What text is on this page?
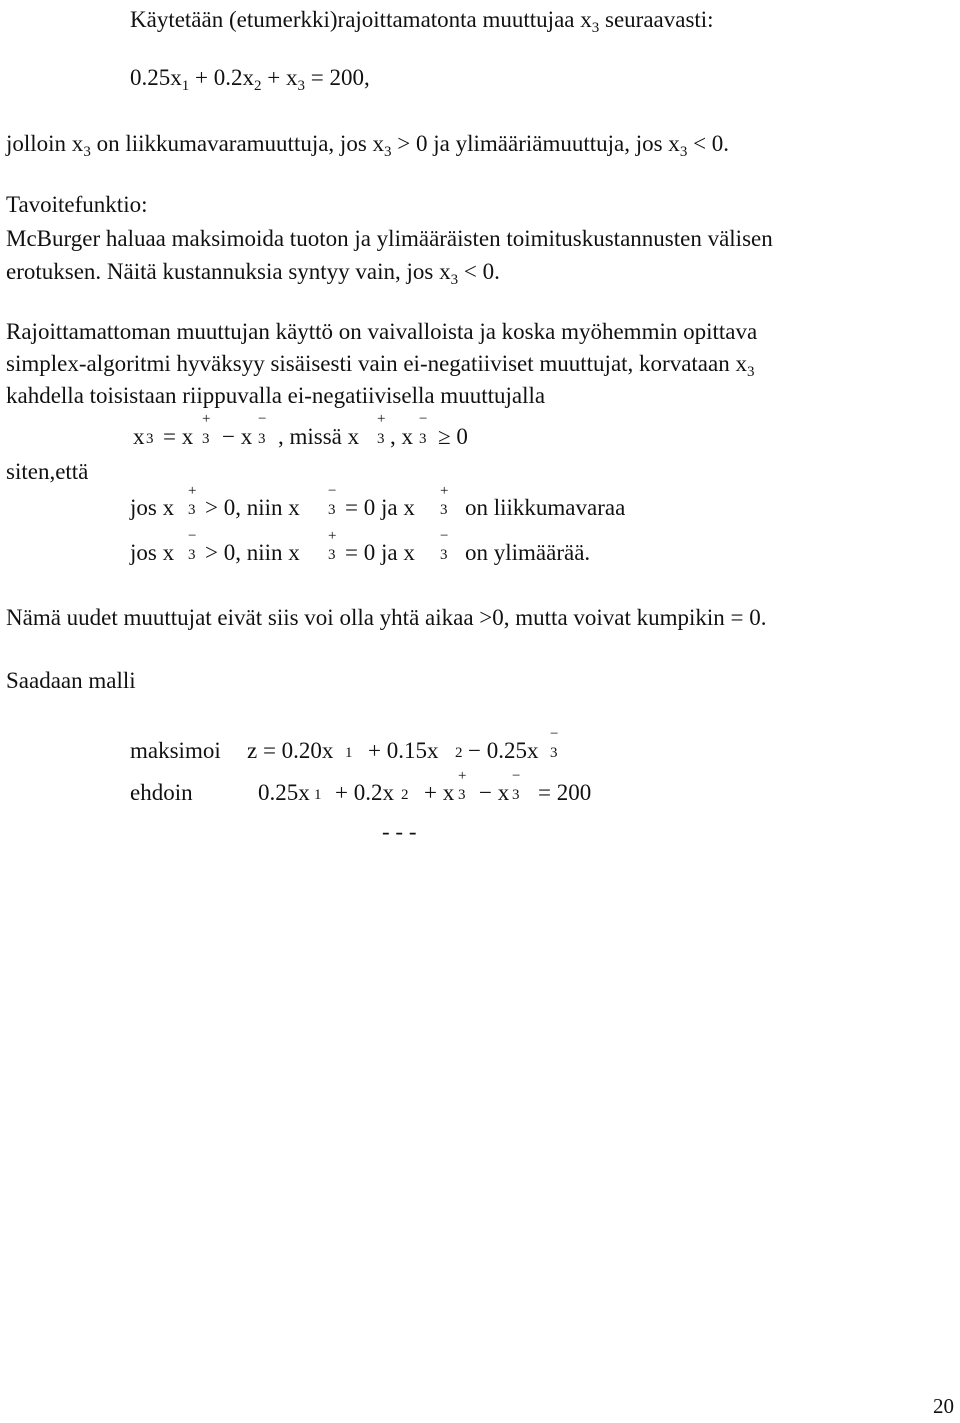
Käytetään (etumerkki)rajoittamatonta muuttujaa $x_3$ seuraavasti:
$0.25x_1 + 0.2x_2 + x_3 = 200$,
jolloin $x_3$ on liikkumavaramuuttuja, jos $x_3 > 0$ ja ylimääriämuuttuja, jos $x_3 < 0$.
Tavoitefunktio:
McBurger haluaa maksimoida tuoton ja ylimääräisten toimituskustannusten välisen
erotuksen. Näitä kustannuksia syntyy vain, jos $x_3 < 0$.
Rajoittamattoman muuttujan käyttö on vaivalloista ja koska myöhemmin opittava
simplex-algoritmi hyväksyy sisäisesti vain ei-negatiiviset muuttujat, korvataan $x_3$
kahdella toisistaan riippuvalla ei-negatiivisella muuttujalla
x 3 = x
+
3 − x
−
3 , missä x
+
3 , x
−
3 ≥ 0
siten,että
jos x
+
3 > 0, niin x
−
3 = 0 ja x
+
3 on liikkumavaraa
jos x
−
3 > 0, niin x
+
3 = 0 ja x
−
3 on ylimäärää.
Nämä uudet muuttujat eivät siis voi olla yhtä aikaa >0, mutta voivat kumpikin = 0.
Saadaan malli
maksimoi z = 0.20x 1 + 0.15x 2 − 0.25x
−
3
ehdoin	0.25x 1 + 0.2x 2 + x
+
3 − x
−
3 = 200
- - -
20
